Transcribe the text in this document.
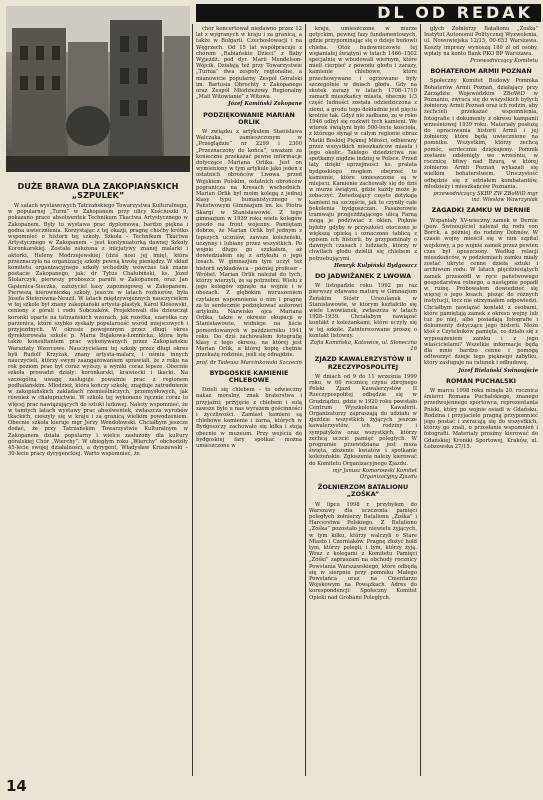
DL OD REDAK
DUŻE BRAWA DLA ZAKOPIAŃSKICH „SZPULEK”

W salach wystawowych Tatrzańskiego Towarzystwa Kulturalnego, w popularnej „Turni” w Zakopanem przy ulicy Kościuszki 9, pokazano prace absolwentek Technikum Tkactwa Artystycznego w Zakopanem. Były to wystawa prac dyplomowa, bardzo piękna i godna uwiecznienia. Korzystając z tej okazji, pragnę choćby krótko wspomnieć o historii tej szkoły. Szkoła – Technikum Tkactwa Artystycznego w Zakopanem – jest kontynuatorką dawnej Szkoły Koronkarskiej. Została założona z inicjatywy znanej malarki i aktorki, Heleny Modrzejewskiej (dziś nosi jej imię), która przeznaczyła na organizację szkoły pewną kwotę pieniędzy. W skład komitetu organizacyjnego szkoły wchodziły wówczas tak znane postacie Zakopanego, jak: dr Tytus Chałubiński, ks. Józef Stolarczyk, pierwszy proboszcz parafii w Zakopanem, oraz Jan Gąsienica-Sieczka, założyciel kasy zapomogowej w Zakopanem. Pierwszą kierowniczką szkoły, jeszcze w latach rozbiorów, była Jósefa Steierówna-Neuzil. W latach międzywojennych nauczycielem w tej szkole był znany zakopiański artysta-plastyk, Karol Kłosowski, ceniony z górali i rodu Sobczaków. Projektowali dla dziewcząt koronki oparte na tatrzańskich wzorach, jak rozetka, szarotka czy parzenica, które szybko zyskały popularność wśród miejscowych i przyjezdnych. W okresie powojennym przez długi okres dyrektorowała szkole p. Maria Bujakowa-Łomnicka, która była także konsultantem prac wykonywanych przez Zakopiańskie Warsztaty Wzorcowe. Nauczycielami tej szkoły przez długi okres byli Rudolf Krzyżak, znany artysta-malarz, i ośmiu innych nauczycieli, którzy swym zaangażowaniem sprawiali, że z roku na rok poziom prac był coraz wyższy, a wyniki coraz lepsze. Obecnie szkoła prowadzi działy: koronkarski, krawiecki i tkacki. Na szczególną uwagę zasługuje poważnie prac z regionem podhalańskim. Młodzież, która kończy szkołę, znajduje zatrudnienie w zakopiańskich zakładach rzemieślniczych, przemysłowych, jak również w chałupnictwie. W szkole tej wykonano ręcznie coraz to więcej prac nawiązujących do sztuki ludowej. Należy wspomnieć, że w tamtych latach wystawy prac absolwentek, zwłaszcza wyrobów tkackich, cieszyły się w kraju i za granicą wielkim powodzeniem. Obecnie szkoła kieruje mgr Jerzy Wendołowski. Chciałbym jeszcze dodać, że przy Tatrzańskim Towarzystwie Kulturalnym w Zakopanem działa popularny i wielce zasłużony dla kultury góralskiej Chór „Wierchy”. W ubiegłym roku „Wierchy” obchodziły 45-lecie swojej działalności, a dyrygent, Władysław Kruszewski – 30-lecie pracy dyrygenckiej. Warto wspomnieć, że

chór koncertował niedawno przez 12 lat z wygranych w kraju i za granicą, a także w Bułgarii, Czechosłowacji i na Węgrzech. Od 15 lat współpracuje z chórem „Rabiańskie Dzieci” z Baby Wyjeżdż. pod dyr. Marii Mendelson-Wójcik. Działają też przy Towarzystwie „Turnia” dwa zespoły regionalne, a mianowicie popularny Zespół Góralski im. Bartusia Obrochty z Zakopanego oraz Zespół Młodzieżowy Regionalny „Mali Witowianie” z Witowa.

Józef Kamiński Zakopane

PODZIĘKOWANIE MARIAN ORLIK

W związku z artykułem Stanisława Walczaka, zamieszczonym w „Przeglądzie” nr 2299 i 2300 „Przeznaczony do końca”, uważam za konieczne przekazać pewne informacje dotyczące Mariana Orlika. Jest on wymieniony w tym artykule jako jeden z ostatnich obrońców Lwowa przed Wojskiem Polskim, ostatnich obrońców pogranicza na Kresach wschodnich. Marian Orlik był moim kolegą z jednej klasy typu humanistycznego w Państwowym Gimnazjum im. ks. Piotra Skargi w Stanisławowie. Z tego gimnazjum w 1939 roku wielu kolegów poszło na front wojenny. Pamiętam dobrze, że Marian Orlik był jednym z lepszych uczniów, zawsze koleżeński, uczynny i lubiany przez wszystkich. Po wojnie długo go szukałem, aż dowiedziałem się z artykułu o jego losach. W gimnazjum tym uczył też historii wykładowca – później profesor – Wróbel. Marian Orlik należał do tych, którzy wierzyli, że są potrzebni. Wielu z jego kolegów zginęło na wojnie i w obozach. Z głębokim wzruszeniem czytałem wspomnienia o nim i pragnę za to serdecznie podziękować autorowi artykułu. Nazwisko ojca Mariana Orlika, także w okresie okupacji w Stanisławowie, widnieje na liście pomordowanych w październiku 1941 roku. Do dziś zachowałem fotografię klasy z tego okresu, na której jest Marian Orlik, a której kopię chętnie przekażę rodzinie, jeśli się odnajdzie.

prof. dr Tadeusz Marcinkowski Szczecin

BYDGOSKIE KAMIENIE CHLEBOWE

Dzieli się chlebem – to odwieczny nakaz moralny, znak braterstwa i przyjaźni; przyjęcie z chlebem i solą zawsze było u nas wyrazem gościnności i życzliwości. Zamiast kamieni są chlebowe kamienie i żarna, których w Bydgoszczy zachowało się kilka i stoją obecnie w muzeum. Przy wejściu do bydgoskiej fary spotkać można umieszczone w

kraju, umieszczone w murze gotyckim, pewnej fazy fundamentowych, gdzie przypominając się o dzieje budowli chleba. Otóż budowniczowie tej wspaniałej świątyni w latach 1466–1502 specjalnie w wbudowali wiernym, które mieli cierpieć z powodu głodu i zarazy, kamienie chlebowe, które przechowywane i ogrzewane były szczególnie w dniach głodu. Gdy na skutek zarazy w latach 1708–1710 zamarli mieszkańcy miasta, obecnie 1/3 część ludności została odziedziczona z ziemi, a grodu tego dokładnie jest pięciu krotnie tak. Gdyż nie zadbano, ze w roku 1946 odbył się rozkwit tych kamieni. We wtorek świątyni było 500-lecie kościoła, z którego słynął w całym regionie obraz Matki Boskiej Pięknej Miłości, odbierany przez wszystkich mieszkańców miasta i jego okolic. Takiego dziedzictwa nie spotkamy nigdzie indziej w Polsce. Przed laty dzięki uprzejmości ks. prałata bydgoskiego mogłem obejrzeć te kamienie, które umieszczone są w miejscu. Kamienie zachowały się do dziś w murze świątyni, gdzie każdy może je zobaczyć. Zwiedzający często dotykają kamieni na szczęście, jak to czyniły całe pokolenia bydgoszczan. Pasażerowie tramwaju przejeżdżającego ulicą Farną mogą je podziwiać z okien. Pięknie byłoby gdyby w przyszłości otoczono je większą opieką i oznaczono tablicą z opisem ich historii, by przypominały o dawnych czasach i ludziach, którzy w chwilach głodu dzielili się chlebem z potrzebującymi.

Henryk Kulpiński Bydgoszcz

DO JADWIŻANEK Z LWOWA

W listopadzie roku 1992 po raz pierwszy zdawano maturę w Gimnazjum Żeńskim Sióstr Urszulanek w Stanisławowie, w którym kształciło się wiele Lwowianek, zwłaszcza w latach 1928–1939. Chciałabym nawiązać kontakt z koleżankami, które uczyły się w tej szkole. Zainteresowane proszę o kontakt listowny.

Zofia Kamińska, Katowice, ul. Słoneczna 16

ZJAZD KAWALERZYSTÓW II RZECZYPOSPOLITEJ

W dniach od 9 do 11 września 1999 roku, w 60 rocznicę czynu zbrojnego Polski Zjazd Kawalerzystów II Rzeczypospolitej odbędzie się w Grudziądzu, gdzie w 1920 roku powstało Centrum Wyszkolenia Kawalerii. Organizatorzy zapraszają do udziału w zjeździe wszystkich żyjących jeszcze kawalerzystów, ich rodziny i sympatyków oraz wszystkich, którzy zechcą uczcić pamięć poległych. W programie przewidziana jest msza święta, złożenie kwiatów i spotkanie koleżeńskie. Zgłoszenia należy kierować do Komitetu Organizacyjnego Zjazdu.

mjr Janusz Komorowski Komitet Organizacyjny Zjazdu

ŻOŁNIERZOM BATALIONU „ZOŚKA”

W lipcu 1998 r. przybyłem do Warszawy dla uczczenia pamięci poległych żołnierzy Batalionu „Zośka” i Harcerstwa Polskiego. Z Batalionu „Zośka” pozostało już niewielu żyjących, w tym kilku, którzy walczyli o Stare Miasto i Czerniaków. Pragnę złożyć hołd tym, którzy polegli, i tym, którzy żyją. Wraz z kolegami z Komitetu Pamięci „Zośki” zapraszam na obchody rocznicy Powstania Warszawskiego, które odbędą się w sierpniu przy pomniku Małego Powstańca oraz na Cmentarzu Wojskowym na Powązkach. Adres do korespondencji: Społeczny Komitet Opieki nad Grobami Poległych.

głych Żołnierzy Batalionu „Zośka” Instytut Autonomii Politycznej Wyzwolenia, ul. Nowowiejska 12/15, 00-653 Warszawa. Koszty imprezy wynoszą 180 zł od osoby, wpłaty na konto Bank PKO BP Warszawa.

Przewodniczący Komitetu

BOHATEROM ARMII POZNAŃ

Społeczny Komitet Budowy Pomnika Bohaterów Armii Poznań, działający przy Zarządzie Wojewódzkim ZBoWiD w Poznaniu, zwraca się do wszystkich byłych żołnierzy Armii Poznań oraz ich rodzin, aby zechcieli przekazać wspomnienia, fotografie i dokumenty z okresu kampanii wrześniowej 1939 roku. Materiały posłużą do opracowania historii Armii i jej żołnierzy, które będą uwiecznione na pomniku. Wszystkim, którzy zechcą pomóc, serdecznie dziękujemy. Pomnik zostanie odsłonięty we wrześniu, w rocznicę bitwy nad Bzurą, w której żołnierze Armii Poznań wykazali się wielkim bohaterstwem. Uroczystość odbędzie się z udziałem kombatantów, młodzieży i mieszkańców Poznania.

przewodniczący SKBP ZW ZBoWiD mgr inż. Wiesław Wawrzyniak

ZAGADKI ZAMKU W DERNIE

Wspaniały XV-wieczny zamek w Dernie (pow. Świnoujście) należał do rodu von Borck, a później do rodziny Dohnów. W czasie wojny mieścił się w nim szpital wojskowy, a po wojnie zamek przez pewien czas był opuszczony. Według relacji mieszkańców, w podziemiach zamku miały zostać ukryte cenne dzieła sztuki i archiwum rodu. W latach pięćdziesiątych zamek przeszedł w ręce państwowego gospodarstwa rolnego, a następnie popadł w ruinę. Próbowałem dowiedzieć się więcej o jego losach, pisząc do różnych instytucji, lecz nie otrzymałem odpowiedzi. Chciałbym nawiązać kontakt z osobami, które pamiętają zamek z okresu wojny lub tuż po niej, albo posiadają fotografie i dokumenty dotyczące jego historii. Może ktoś z Czytelników pamięta, co działo się z wyposażeniem zamku i z jego właścicielami? Wszelkie informacje będą dla mnie bardzo cenne i pomogą odtworzyć dzieje tego pięknego zabytku, który zasługuje na ratunek i odbudowę.

Józef Bielański Świnoujście

ROMAN PUCHALSKI

W marcu 1998 roku minęła 20. rocznica śmierci Romana Puchalskiego, znanego przedwojennego sportowca, reprezentanta Polski, który po wojnie osiadł w Gdańsku. Rodzina i przyjaciele pragną przypomnieć jego postać i zwracają się do wszystkich, którzy go znali, o przesłanie wspomnień i fotografii. Materiały prosimy kierować do Gdańskiej Kroniki Sportowej, Kraków, ul. Łobzowska 27/15.

14
